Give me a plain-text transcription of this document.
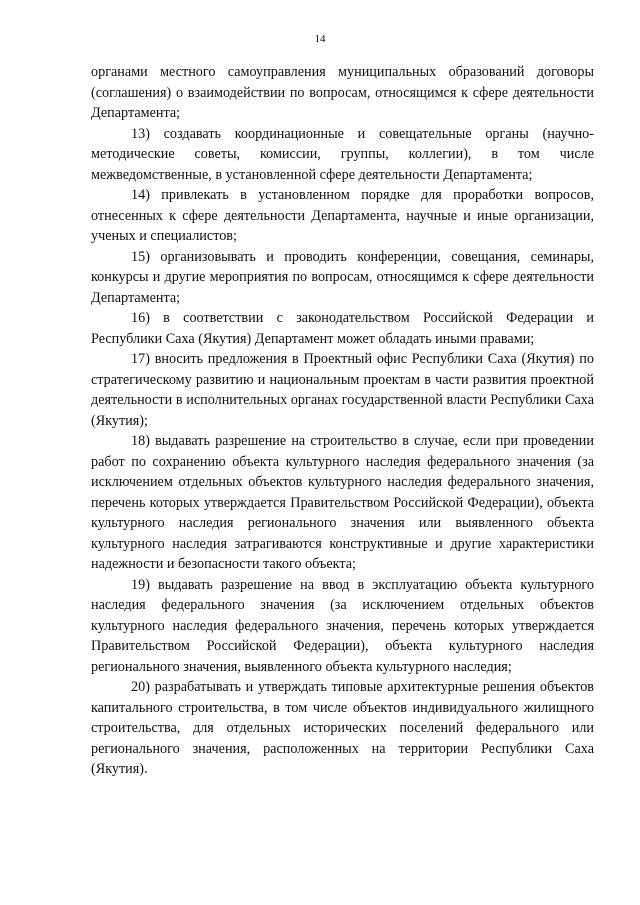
14

органами местного самоуправления муниципальных образований договоры (соглашения) о взаимодействии по вопросам, относящимся к сфере деятельности Департамента;

13) создавать координационные и совещательные органы (научно-методические советы, комиссии, группы, коллегии), в том числе межведомственные, в установленной сфере деятельности Департамента;

14) привлекать в установленном порядке для проработки вопросов, отнесенных к сфере деятельности Департамента, научные и иные организации, ученых и специалистов;

15) организовывать и проводить конференции, совещания, семинары, конкурсы и другие мероприятия по вопросам, относящимся к сфере деятельности Департамента;

16) в соответствии с законодательством Российской Федерации и Республики Саха (Якутия) Департамент может обладать иными правами;

17) вносить предложения в Проектный офис Республики Саха (Якутия) по стратегическому развитию и национальным проектам в части развития проектной деятельности в исполнительных органах государственной власти Республики Саха (Якутия);

18) выдавать разрешение на строительство в случае, если при проведении работ по сохранению объекта культурного наследия федерального значения (за исключением отдельных объектов культурного наследия федерального значения, перечень которых утверждается Правительством Российской Федерации), объекта культурного наследия регионального значения или выявленного объекта культурного наследия затрагиваются конструктивные и другие характеристики надежности и безопасности такого объекта;

19) выдавать разрешение на ввод в эксплуатацию объекта культурного наследия федерального значения (за исключением отдельных объектов культурного наследия федерального значения, перечень которых утверждается Правительством Российской Федерации), объекта культурного наследия регионального значения, выявленного объекта культурного наследия;

20) разрабатывать и утверждать типовые архитектурные решения объектов капитального строительства, в том числе объектов индивидуального жилищного строительства, для отдельных исторических поселений федерального или регионального значения, расположенных на территории Республики Саха (Якутия).
